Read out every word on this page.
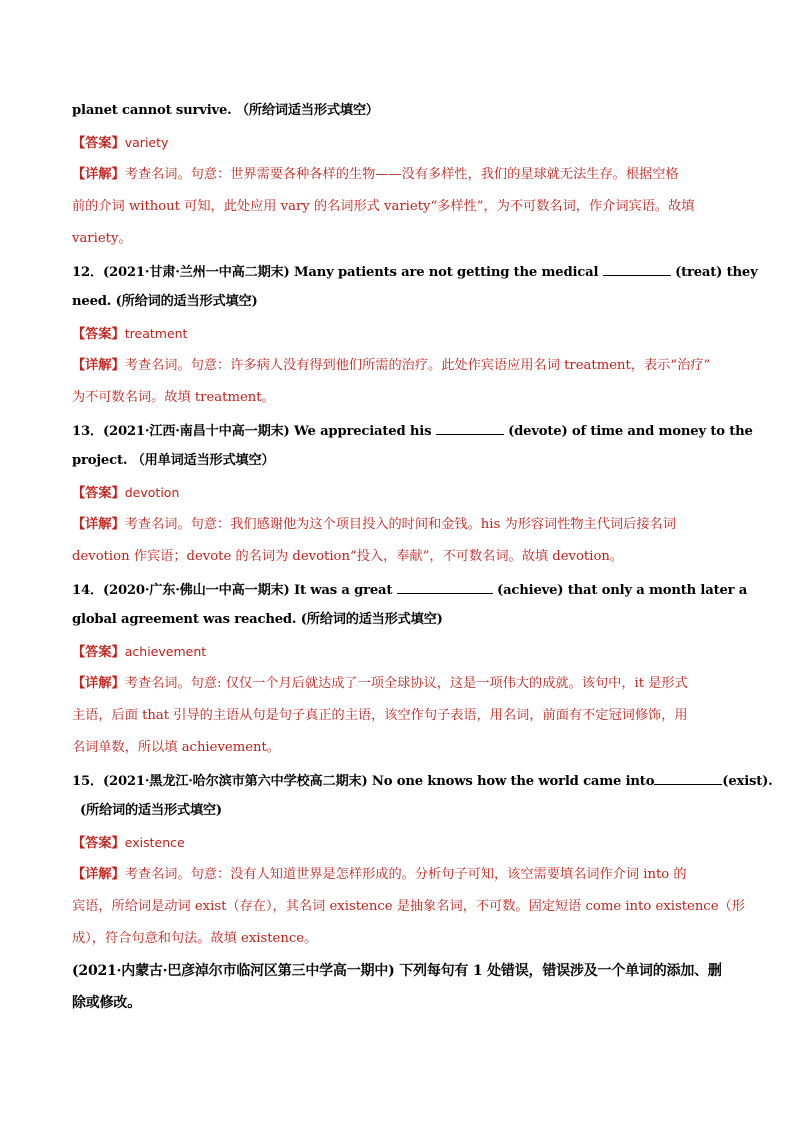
planet cannot survive. （所给词适当形式填空）
【答案】variety
【详解】考查名词。句意：世界需要各种各样的生物——没有多样性，我们的星球就无法生存。根据空格
前的介词 without 可知，此处应用 vary 的名词形式 variety“多样性”，为不可数名词，作介词宾语。故填
variety。
12．(2021·甘肃·兰州一中高二期末) Many patients are not getting the medical	(treat) they
need. (所给词的适当形式填空)
【答案】treatment
【详解】考查名词。句意：许多病人没有得到他们所需的治疗。此处作宾语应用名词 treatment，表示“治疗”
为不可数名词。故填 treatment。
13．(2021·江西·南昌十中高一期末) We appreciated his	(devote) of time and money to the
project. （用单词适当形式填空）
【答案】devotion
【详解】考查名词。句意：我们感谢他为这个项目投入的时间和金钱。his 为形容词性物主代词后接名词
devotion 作宾语；devote 的名词为 devotion“投入，奉献”，不可数名词。故填 devotion。
14．(2020·广东·佛山一中高一期末) It was a great	(achieve) that only a month later a
global agreement was reached. (所给词的适当形式填空)
【答案】achievement
【详解】考查名词。句意: 仅仅一个月后就达成了一项全球协议，这是一项伟大的成就。该句中，it 是形式
主语，后面 that 引导的主语从句是句子真正的主语，该空作句子表语，用名词，前面有不定冠词修饰，用
名词单数，所以填 achievement。
15．(2021·黑龙江·哈尔滨市第六中学校高二期末) No one knows how the world came into	(exist).
(所给词的适当形式填空)
【答案】existence
【详解】考查名词。句意：没有人知道世界是怎样形成的。分析句子可知，该空需要填名词作介词 into 的
宾语，所给词是动词 exist（存在），其名词 existence 是抽象名词，不可数。固定短语 come into existence（形
成），符合句意和句法。故填 existence。
(2021·内蒙古·巴彦淖尔市临河区第三中学高一期中) 下列每句有 1 处错误，错误涉及一个单词的添加、删
除或修改。
